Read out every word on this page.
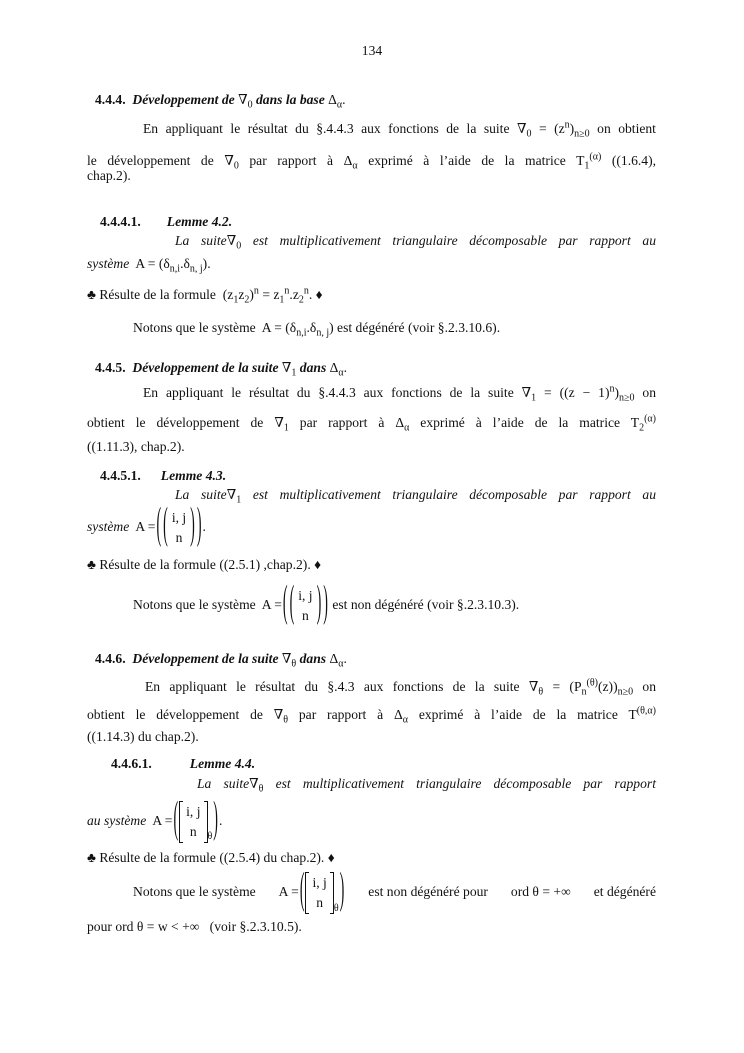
134
4.4.4. Développement de $\nabla_0$ dans la base $\Delta_\alpha$.
En appliquant le résultat du §.4.4.3 aux fonctions de la suite $\nabla_0 = (z^n)_{n\ge 0}$ on obtient
le développement de $\nabla_0$ par rapport à $\Delta_\alpha$ exprimé à l’aide de la matrice $T_1^{(\alpha)}$ ((1.6.4),
chap.2).
4.4.4.1. Lemme 4.2.
La $suite\nabla_0$ est multiplicativement triangulaire décomposable par rapport au
système $A = (\delta_{n,i}.\delta_{n, j})$.
♣ Résulte de la formule  $(z_1z_2)^n = z_1^n.z_2^n$. ♦
Notons que le système $A = (\delta_{n,i}.\delta_{n, j})$ est dégénéré (voir §.2.3.10.6).
4.4.5. Développement de la suite $\nabla_1$ dans $\Delta_\alpha$.
En appliquant le résultat du §.4.4.3 aux fonctions de la suite $\nabla_1 = ((z - 1)^n)_{n\ge 0}$ on
obtient le développement de $\nabla_1$ par rapport à $\Delta_\alpha$ exprimé à l’aide de la matrice $T_2^{(\alpha)}$
((1.11.3), chap.2).
4.4.5.1. Lemme 4.3.
La $suite\nabla_1$ est multiplicativement triangulaire décomposable par rapport au
système A = ( ( i, j
n ) ) .
♣ Résulte de la formule ((2.5.1) ,chap.2). ♦
Notons que le système A = ( ( i, j
n ) ) est non dégénéré (voir §.2.3.10.3).
4.4.6. Développement de la suite $\nabla_\theta$ dans $\Delta_\alpha$.
En appliquant le résultat du §.4.3 aux fonctions de la suite $\nabla_\theta = (P_n^{(\theta)}(z))_{n\ge 0}$ on
obtient le développement de $\nabla_\theta$ par rapport à $\Delta_\alpha$ exprimé à l’aide de la matrice $T^{(\theta,\alpha)}$
((1.14.3) du chap.2).
4.4.6.1.	Lemme 4.4.
La $suite\nabla_\theta$ est multiplicativement triangulaire décomposable par rapport
au système A = ( i, j
n $_\theta$ ) .
♣ Résulte de la formule ((2.5.4) du chap.2). ♦
Notons que le système A = ( i, j
n $_\theta$ ) est non dégénéré pour ord θ = +∞ et dégénéré
pour ord θ = w < +∞ (voir §.2.3.10.5).
